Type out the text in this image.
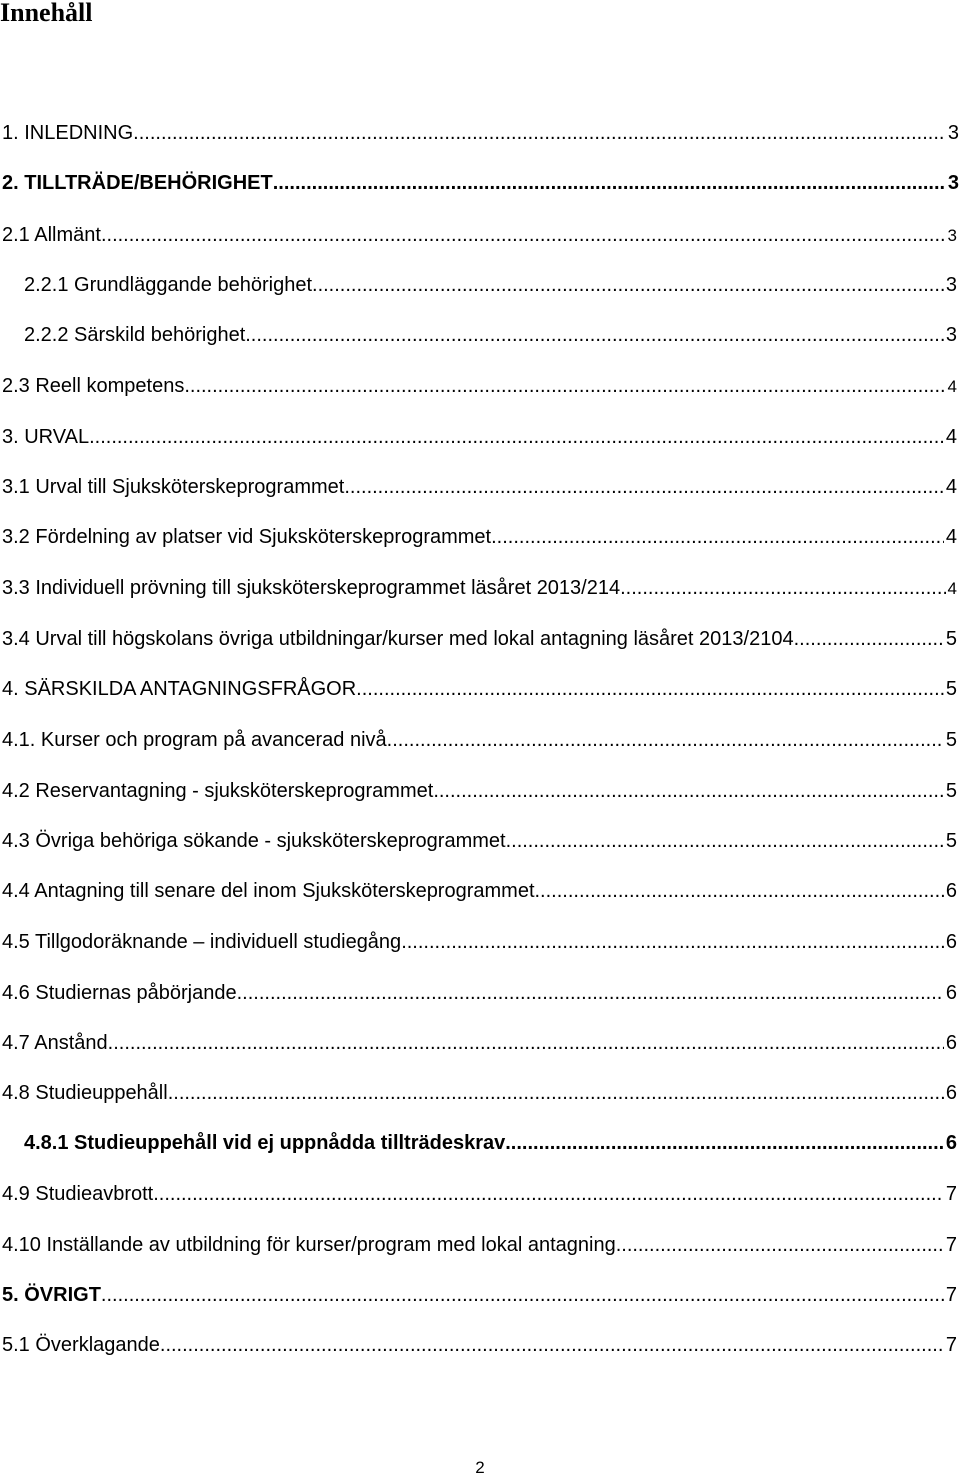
Innehåll
1. INLEDNING .....	3
2. TILLTRÄDE/BEHÖRIGHET .....	3
2.1 Allmänt .....	3
2.2.1 Grundläggande behörighet .....	3
2.2.2 Särskild behörighet .....	3
2.3 Reell kompetens .....	4
3. URVAL .....	4
3.1 Urval till Sjuksköterskeprogrammet .....	4
3.2 Fördelning av platser vid Sjuksköterskeprogrammet .....	4
3.3 Individuell prövning till sjuksköterskeprogrammet läsåret 2013/214 .....	4
3.4 Urval till högskolans övriga utbildningar/kurser med lokal antagning läsåret 2013/2104 .....	5
4. SÄRSKILDA ANTAGNINGSFRÅGOR .....	5
4.1. Kurser och program på avancerad nivå .....	5
4.2 Reservantagning - sjuksköterskeprogrammet .....	5
4.3 Övriga behöriga sökande - sjuksköterskeprogrammet .....	5
4.4 Antagning till senare del inom Sjuksköterskeprogrammet .....	6
4.5 Tillgodoräknande – individuell studiegång .....	6
4.6 Studiernas påbörjande .....	6
4.7 Anstånd .....	6
4.8 Studieuppehåll .....	6
4.8.1 Studieuppehåll vid ej uppnådda tillträdeskrav .....	6
4.9 Studieavbrott .....	7
4.10 Inställande av utbildning för kurser/program med lokal antagning .....	7
5. ÖVRIGT .....	7
5.1 Överklagande .....	7
2
